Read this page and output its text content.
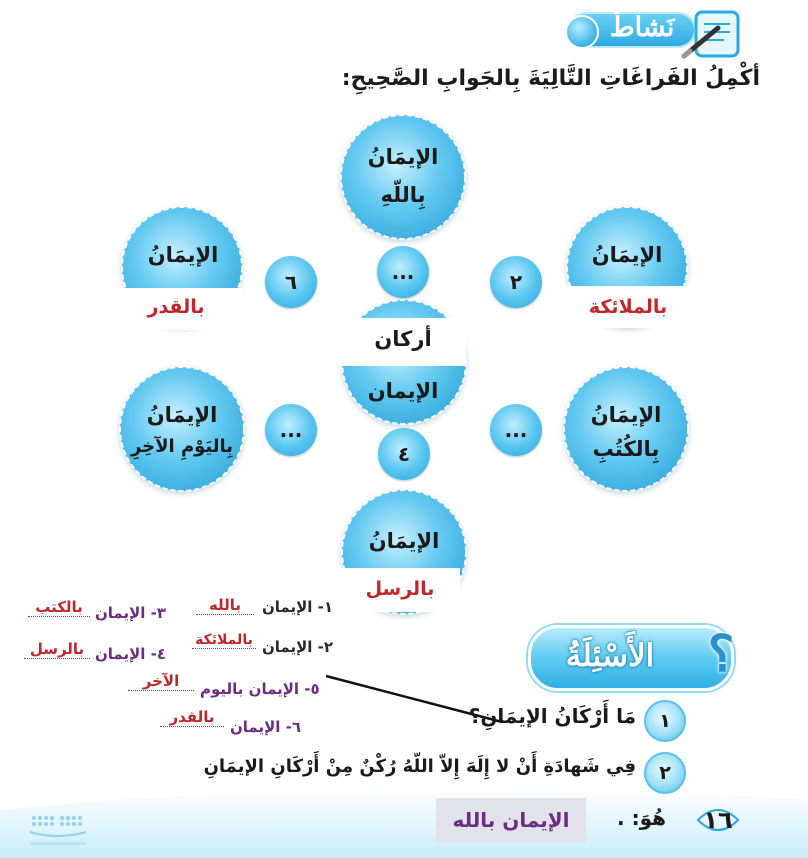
نَشاطٌ
أكْمِلُ الفَراغَاتِ التَّالِيَةَ بِالجَوابِ الصَّحِيحِ:
الإيمَانُ
بِاللّهِ
الإيمَانُ
بالقدر
الإيمَانُ
بالملائكة
أركان
الإيمان
الإيمَانُ
بِاليَوْمِ الآخِرِ
الإيمَانُ
بِالكُتُبِ
الإيمَانُ
بالرسل
...
٦	٢
...	...
٤
١- الإيمان
بالله
٣- الإيمان
بالكتب
٢- الإيمان
بالملائكة
٤- الإيمان
بالرسل
٥- الإيمان باليوم
الآخر
٦- الإيمان
بالقدر
الأَسْئِلَةُ	؟
١
مَا أَرْكَانُ الإيمَانِ؟
٢
فِي شَهادَةِ أَنْ لا إِلَهَ إِلاّ اللّهُ رُكْنٌ مِنْ أَرْكَانِ الإيمَانِ
هُوَ: .
الإيمان بالله	١٦
